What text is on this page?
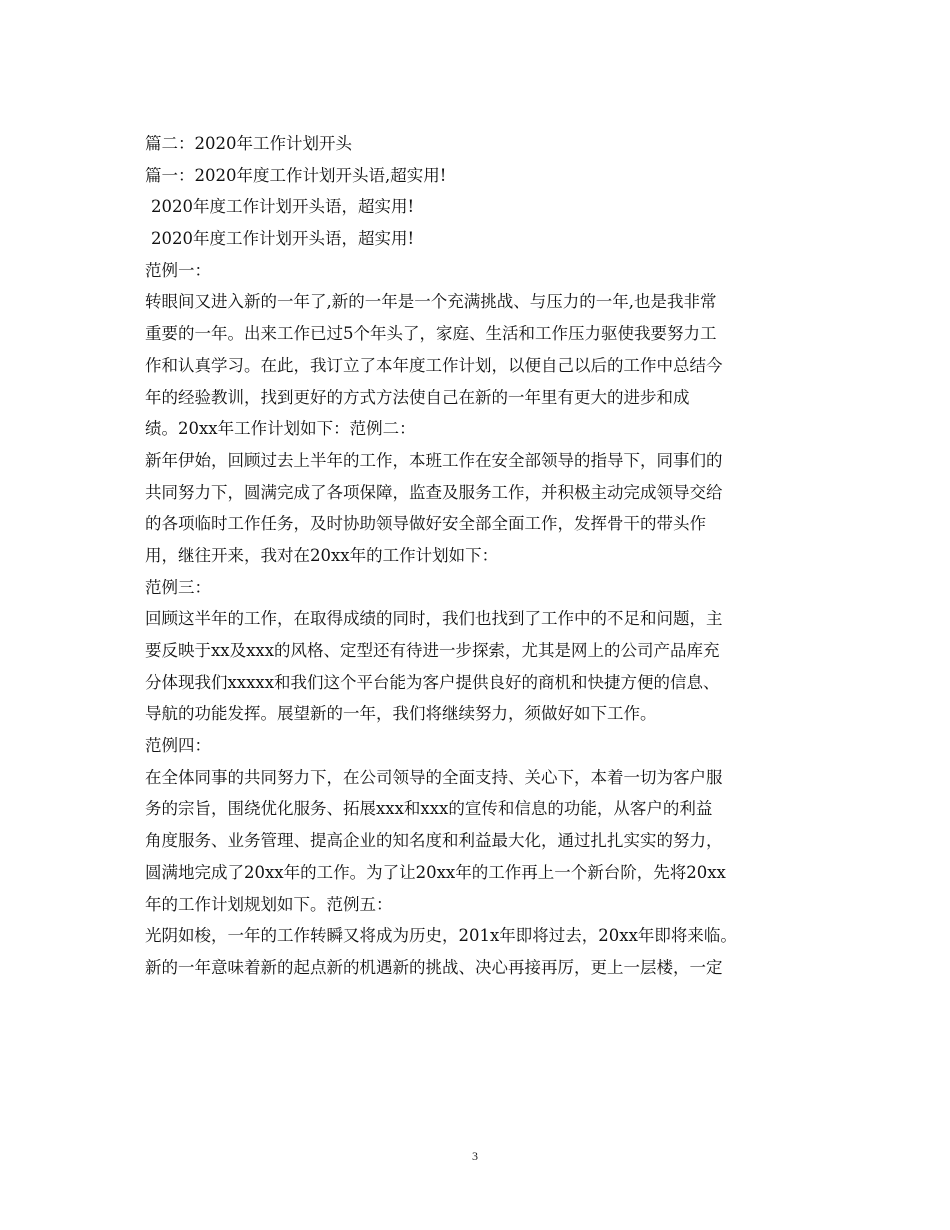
篇二：2020年工作计划开头
篇一：2020年度工作计划开头语,超实用!
2020年度工作计划开头语，超实用!
2020年度工作计划开头语，超实用!
范例一：
转眼间又进入新的一年了,新的一年是一个充满挑战、与压力的一年,也是我非常
重要的一年。出来工作已过5个年头了，家庭、生活和工作压力驱使我要努力工
作和认真学习。在此，我订立了本年度工作计划，以便自己以后的工作中总结今
年的经验教训，找到更好的方式方法使自己在新的一年里有更大的进步和成
绩。20xx年工作计划如下：范例二：
新年伊始，回顾过去上半年的工作，本班工作在安全部领导的指导下，同事们的
共同努力下，圆满完成了各项保障，监查及服务工作，并积极主动完成领导交给
的各项临时工作任务，及时协助领导做好安全部全面工作，发挥骨干的带头作
用，继往开来，我对在20xx年的工作计划如下：
范例三：
回顾这半年的工作，在取得成绩的同时，我们也找到了工作中的不足和问题，主
要反映于xx及xxx的风格、定型还有待进一步探索，尤其是网上的公司产品库充
分体现我们xxxxx和我们这个平台能为客户提供良好的商机和快捷方便的信息、
导航的功能发挥。展望新的一年，我们将继续努力，须做好如下工作。
范例四：
在全体同事的共同努力下，在公司领导的全面支持、关心下，本着一切为客户服
务的宗旨，围绕优化服务、拓展xxx和xxx的宣传和信息的功能，从客户的利益
角度服务、业务管理、提高企业的知名度和利益最大化，通过扎扎实实的努力，
圆满地完成了20xx年的工作。为了让20xx年的工作再上一个新台阶，先将20xx
年的工作计划规划如下。范例五：
光阴如梭，一年的工作转瞬又将成为历史，201x年即将过去，20xx年即将来临。
新的一年意味着新的起点新的机遇新的挑战、决心再接再厉，更上一层楼，一定
3
